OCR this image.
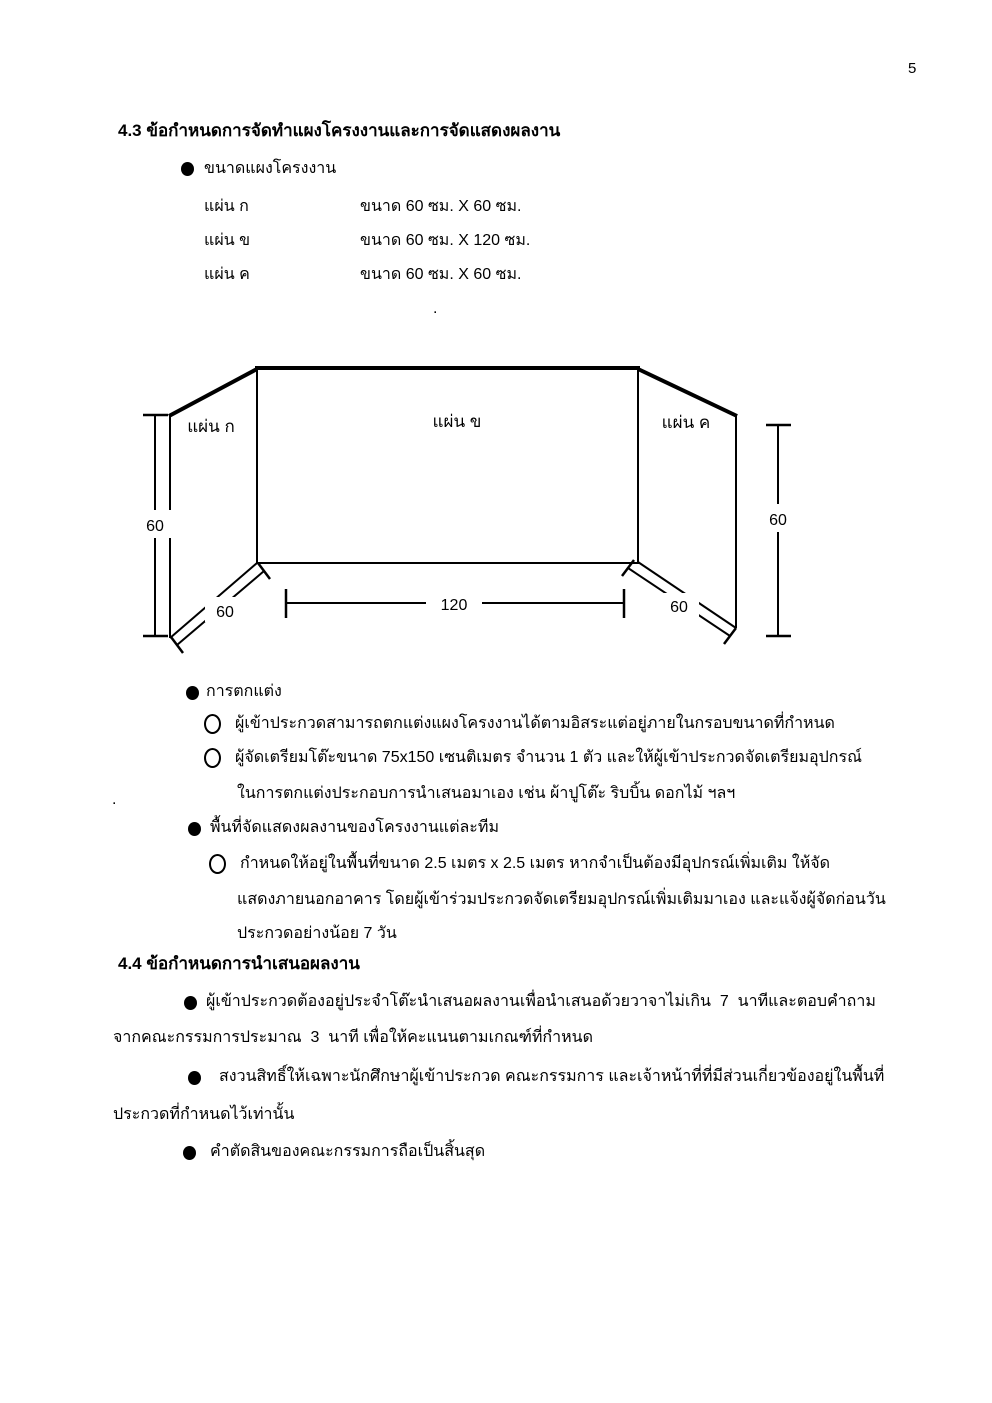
5
4.3 ข้อกำหนดการจัดทำแผงโครงงานและการจัดแสดงผลงาน
ขนาดแผงโครงงาน
แผ่น ก	ขนาด 60 ซม. X 60 ซม.
แผ่น ข	ขนาด 60 ซม. X 120 ซม.
แผ่น ค	ขนาด 60 ซม. X 60 ซม.
.
แผ่น ก	แผ่น ข	แผ่น ค
60	60
120
60	60
การตกแต่ง
ผู้เข้าประกวดสามารถตกแต่งแผงโครงงานได้ตามอิสระแต่อยู่ภายในกรอบขนาดที่กำหนด
ผู้จัดเตรียมโต๊ะขนาด 75x150 เซนติเมตร จำนวน 1 ตัว และให้ผู้เข้าประกวดจัดเตรียมอุปกรณ์
ในการตกแต่งประกอบการนำเสนอมาเอง เช่น ผ้าปูโต๊ะ ริบบิ้น ดอกไม้ ฯลฯ
.
พื้นที่จัดแสดงผลงานของโครงงานแต่ละทีม
กำหนดให้อยู่ในพื้นที่ขนาด 2.5 เมตร x 2.5 เมตร หากจำเป็นต้องมีอุปกรณ์เพิ่มเติม ให้จัด
แสดงภายนอกอาคาร โดยผู้เข้าร่วมประกวดจัดเตรียมอุปกรณ์เพิ่มเติมมาเอง และแจ้งผู้จัดก่อนวัน
ประกวดอย่างน้อย 7 วัน
4.4 ข้อกำหนดการนำเสนอผลงาน
ผู้เข้าประกวดต้องอยู่ประจำโต๊ะนำเสนอผลงานเพื่อนำเสนอด้วยวาจาไม่เกิน  7  นาทีและตอบคำถาม
จากคณะกรรมการประมาณ  3  นาที เพื่อให้คะแนนตามเกณฑ์ที่กำหนด
สงวนสิทธิ์ให้เฉพาะนักศึกษาผู้เข้าประกวด คณะกรรมการ และเจ้าหน้าที่ที่มีส่วนเกี่ยวข้องอยู่ในพื้นที่
ประกวดที่กำหนดไว้เท่านั้น
คำตัดสินของคณะกรรมการถือเป็นสิ้นสุด
